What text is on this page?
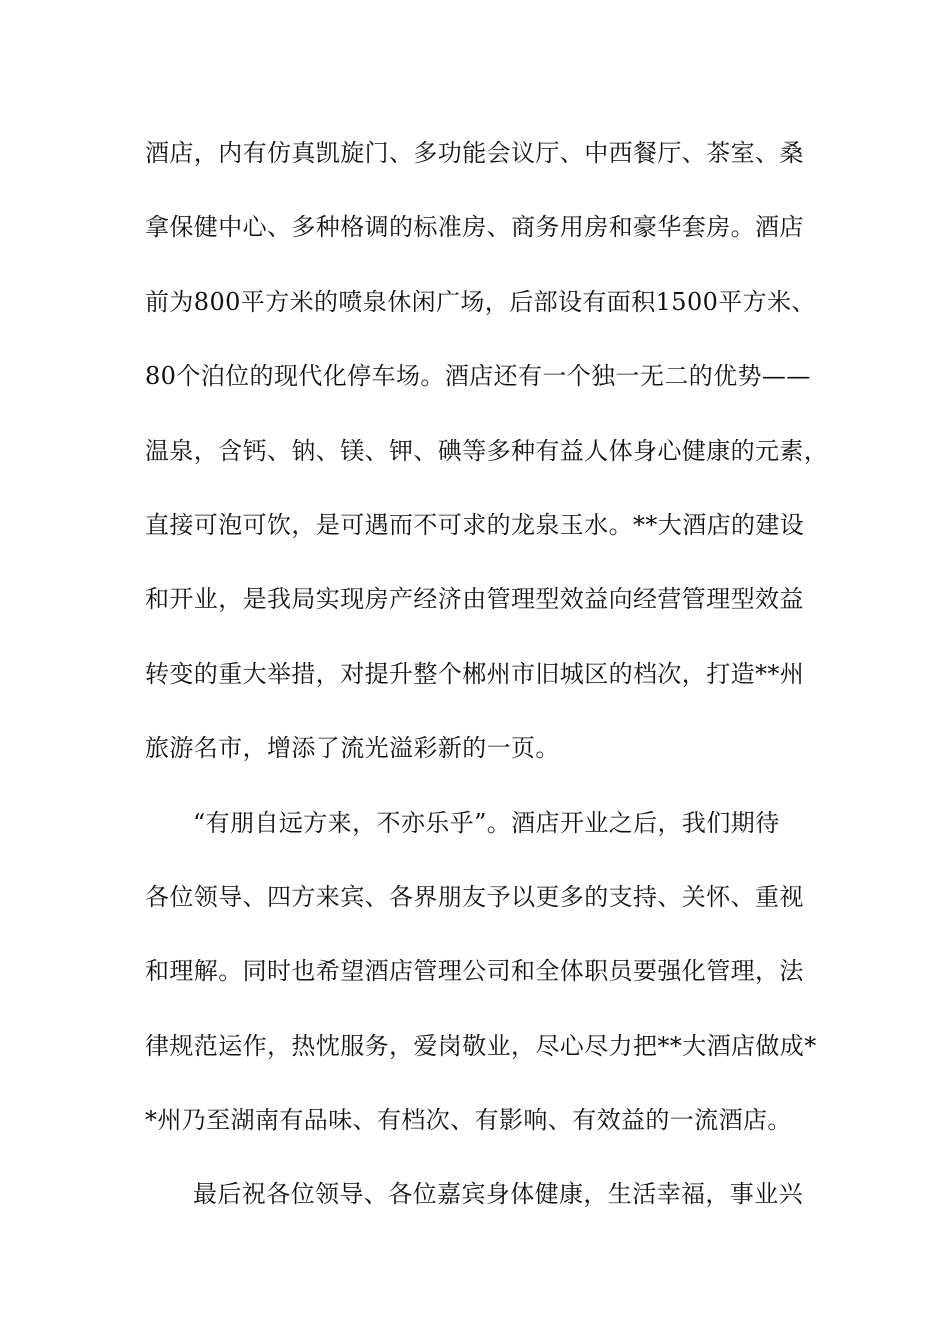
酒店，内有仿真凯旋门、多功能会议厅、中西餐厅、茶室、桑
拿保健中心、多种格调的标准房、商务用房和豪华套房。酒店
前为800平方米的喷泉休闲广场，后部设有面积1500平方米、
80个泊位的现代化停车场。酒店还有一个独一无二的优势——
温泉，含钙、钠、镁、钾、碘等多种有益人体身心健康的元素，
直接可泡可饮，是可遇而不可求的龙泉玉水。**大酒店的建设
和开业，是我局实现房产经济由管理型效益向经营管理型效益
转变的重大举措，对提升整个郴州市旧城区的档次，打造**州
旅游名市，增添了流光溢彩新的一页。
“有朋自远方来，不亦乐乎”。酒店开业之后，我们期待
各位领导、四方来宾、各界朋友予以更多的支持、关怀、重视
和理解。同时也希望酒店管理公司和全体职员要强化管理，法
律规范运作，热忱服务，爱岗敬业，尽心尽力把**大酒店做成*
*州乃至湖南有品味、有档次、有影响、有效益的一流酒店。
最后祝各位领导、各位嘉宾身体健康，生活幸福，事业兴
